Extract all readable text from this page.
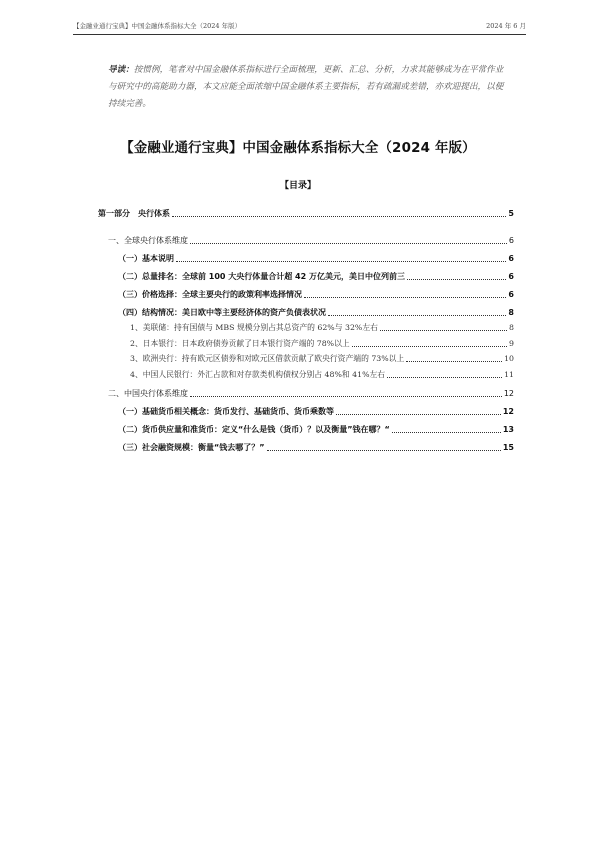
【金融业通行宝典】中国金融体系指标大全（2024 年版）	2024 年 6 月

导读：按惯例，笔者对中国金融体系指标进行全面梳理，更新、汇总、分析，力求其能够成为在平常作业与研究中的高能助力器，本文应能全面浓缩中国金融体系主要指标，若有疏漏或差错，亦欢迎提出，以便持续完善。

【金融业通行宝典】中国金融体系指标大全（2024 年版）
【目录】
第一部分　央行体系	5
一、全球央行体系维度	6
（一）基本说明	6
（二）总量排名：全球前 100 大央行体量合计超 42 万亿美元，美日中位列前三	6
（三）价格选择：全球主要央行的政策利率选择情况	6
（四）结构情况：美日欧中等主要经济体的资产负债表状况	8
1、美联储：持有国债与 MBS 规模分别占其总资产的 62%与 32%左右	8
2、日本银行：日本政府债券贡献了日本银行资产端的 78%以上	9
3、欧洲央行：持有欧元区债券和对欧元区借款贡献了欧央行资产端的 73%以上	10
4、中国人民银行：外汇占款和对存款类机构债权分别占 48%和 41%左右	11
二、中国央行体系维度	12
（一）基础货币相关概念：货币发行、基础货币、货币乘数等	12
（二）货币供应量和准货币：定义“什么是钱（货币）？以及衡量”钱在哪？“	13
（三）社会融资规模：衡量“钱去哪了？”	15
